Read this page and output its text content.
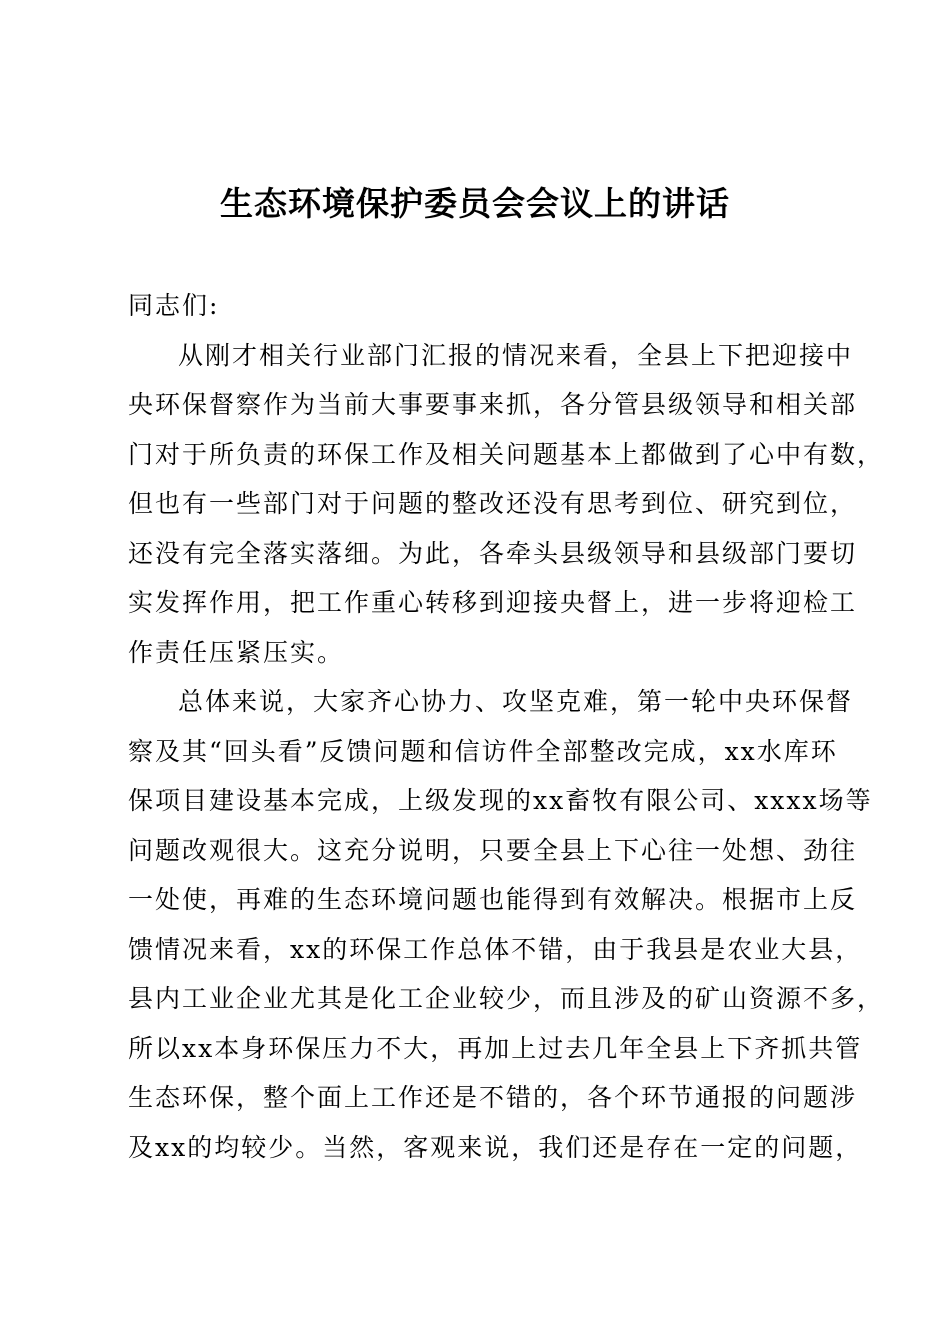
生态环境保护委员会会议上的讲话
同志们:
从刚才相关行业部门汇报的情况来看，全县上下把迎接中
央环保督察作为当前大事要事来抓，各分管县级领导和相关部
门对于所负责的环保工作及相关问题基本上都做到了心中有数，
但也有一些部门对于问题的整改还没有思考到位、研究到位，
还没有完全落实落细。为此，各牵头县级领导和县级部门要切
实发挥作用，把工作重心转移到迎接央督上，进一步将迎检工
作责任压紧压实。
总体来说，大家齐心协力、攻坚克难，第一轮中央环保督
察及其“回头看”反馈问题和信访件全部整改完成，xx水库环
保项目建设基本完成，上级发现的xx畜牧有限公司、xxxx场等
问题改观很大。这充分说明，只要全县上下心往一处想、劲往
一处使，再难的生态环境问题也能得到有效解决。根据市上反
馈情况来看，xx的环保工作总体不错，由于我县是农业大县，
县内工业企业尤其是化工企业较少，而且涉及的矿山资源不多，
所以xx本身环保压力不大，再加上过去几年全县上下齐抓共管
生态环保，整个面上工作还是不错的，各个环节通报的问题涉
及xx的均较少。当然，客观来说，我们还是存在一定的问题，
